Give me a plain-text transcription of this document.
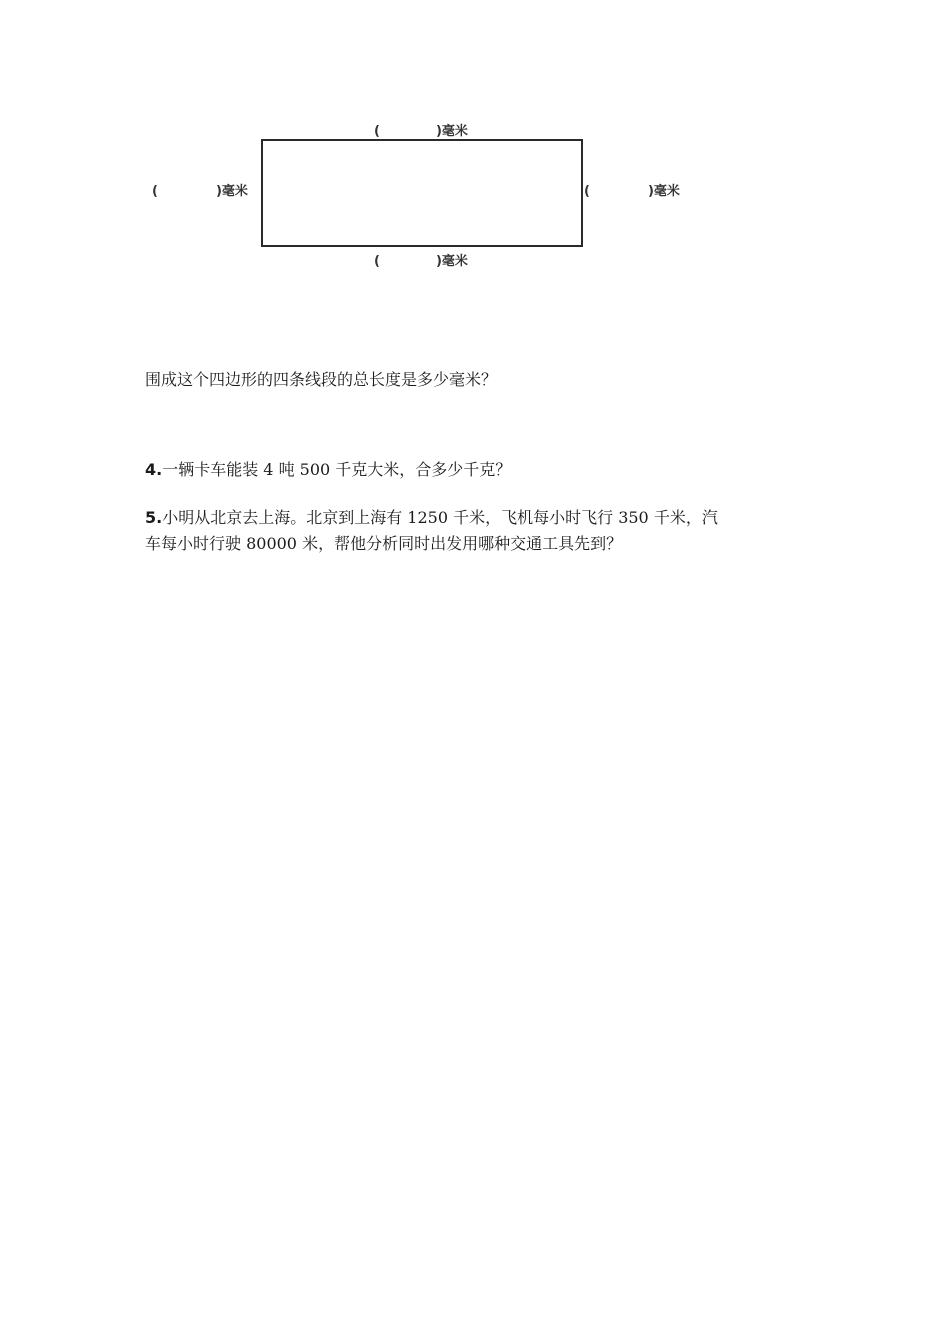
(	)毫米
(	)毫米	(	)毫米
(	)毫米
围成这个四边形的四条线段的总长度是多少毫米？
4.一辆卡车能装 4 吨 500 千克大米，合多少千克？
5.小明从北京去上海。北京到上海有 1250 千米，飞机每小时飞行 350 千米，汽
车每小时行驶 80000 米，帮他分析同时出发用哪种交通工具先到？
